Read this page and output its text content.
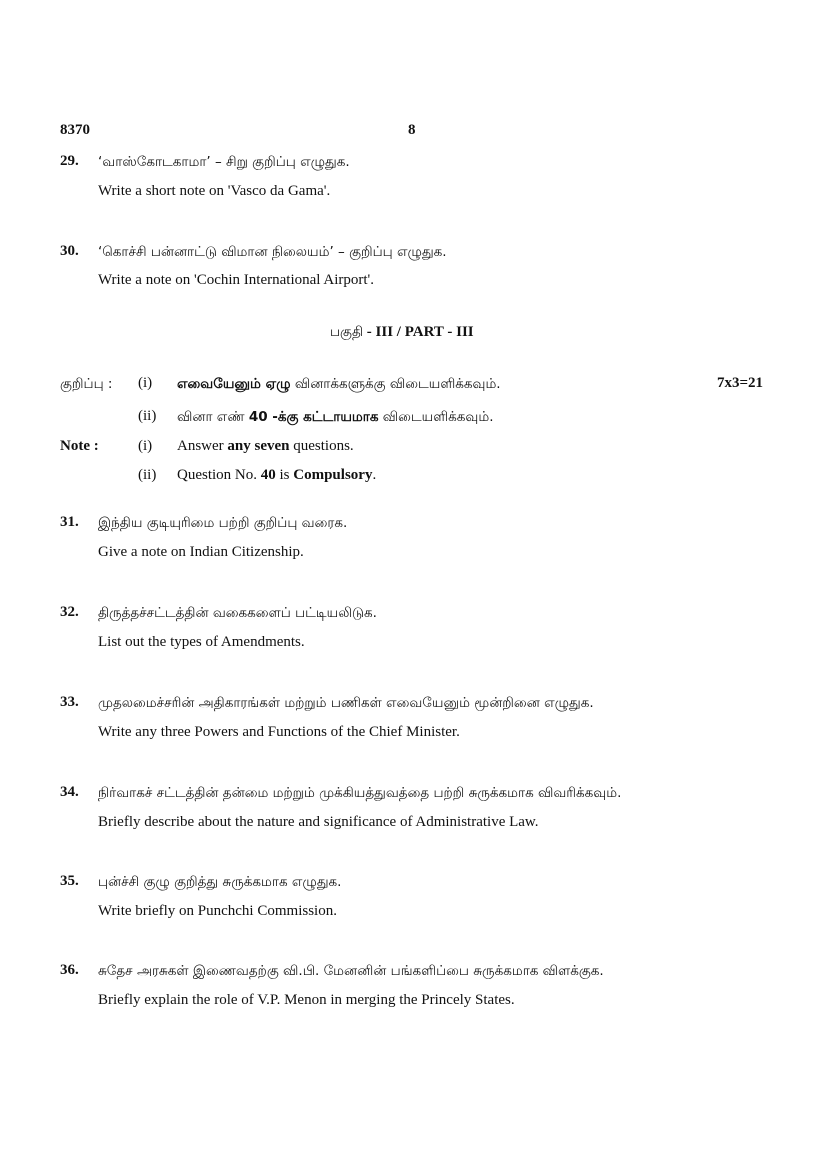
8370	8
29. ‘வாஸ்கோடகாமா’ – சிறு குறிப்பு எழுதுக.
Write a short note on 'Vasco da Gama'.
30. ‘கொச்சி பன்னாட்டு விமான நிலையம்’ – குறிப்பு எழுதுக.
Write a note on 'Cochin International Airport'.
பகுதி - III / PART - III
குறிப்பு : (i) எவையேனும் ஏழு வினாக்களுக்கு விடையளிக்கவும்.	7x3=21
(ii) வினா எண் 40 -க்கு கட்டாயமாக விடையளிக்கவும்.
Note :	(i) Answer any seven questions.
(ii) Question No. 40 is Compulsory.
31. இந்திய குடியுரிமை பற்றி குறிப்பு வரைக.
Give a note on Indian Citizenship.
32. திருத்தச்சட்டத்தின் வகைகளைப் பட்டியலிடுக.
List out the types of Amendments.
33. முதலமைச்சரின் அதிகாரங்கள் மற்றும் பணிகள் எவையேனும் மூன்றினை எழுதுக.
Write any three Powers and Functions of the Chief Minister.
34. நிர்வாகச் சட்டத்தின் தன்மை மற்றும் முக்கியத்துவத்தை பற்றி சுருக்கமாக விவரிக்கவும்.
Briefly describe about the nature and significance of Administrative Law.
35. புன்ச்சி குழு குறித்து சுருக்கமாக எழுதுக.
Write briefly on Punchchi Commission.
36. சுதேச அரசுகள் இணைவதற்கு வி.பி. மேனனின் பங்களிப்பை சுருக்கமாக விளக்குக.
Briefly explain the role of V.P. Menon in merging the Princely States.
